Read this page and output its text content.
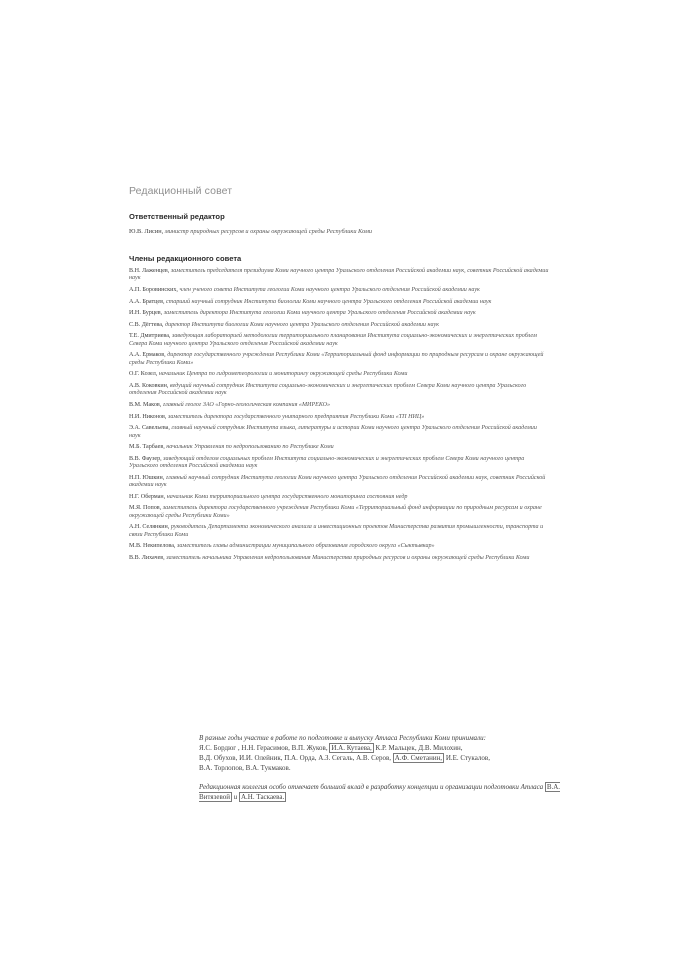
Редакционный совет
Ответственный редактор
Ю.В. Лисин, министр природных ресурсов и охраны окружающей среды Республики Коми
Члены редакционного совета

В.Н. Лаженцев, заместитель председателя президиума Коми научного центра Уральского отделения Российской академии наук, советник Российской академии наук

А.П. Боровинских, член ученого совета Института геологии Коми научного центра Уральского отделения Российской академии наук

А.А. Братцев, старший научный сотрудник Института биологии Коми научного центра Уральского отделения Российской академии наук

И.Н. Бурцев, заместитель директора Института геологии Коми научного центра Уральского отделения Российской академии наук

С.В. Дёгтева, директор Института биологии Коми научного центра Уральского отделения Российской академии наук

Т.Е. Дмитриева, заведующая лабораторией методологии территориального планирования Института социально-экономических и энергетических проблем Севера Коми научного центра Уральского отделения Российской академии наук

А.А. Ермаков, директор государственного учреждения Республики Коми «Территориальный фонд информации по природным ресурсам и охране окружающей среды Республики Коми»

О.Г. Козел, начальник Центра по гидрометеорологии и мониторингу окружающей среды Республики Коми

А.В. Коковкин, ведущий научный сотрудник Института социально-экономических и энергетических проблем Севера Коми научного центра Уральского отделения Российской академии наук

В.М. Маков, главный геолог ЗАО «Горно-геологическая компания «МИРЕКО»

Н.И. Никонов, заместитель директора государственного унитарного предприятия Республики Коми «ТП НИЦ»

Э.А. Савельева, главный научный сотрудник Института языка, литературы и истории Коми научного центра Уральского отделения Российской академии наук

М.Б. Тарбаев, начальник Управления по недропользованию по Республике Коми

В.В. Фаузер, заведующий отделом социальных проблем Института социально-экономических и энергетических проблем Севера Коми научного центра Уральского отделения Российской академии наук

Н.П. Юшкин, главный научный сотрудник Института геологии Коми научного центра Уральского отделения Российской академии наук, советник Российской академии наук

Н.Г. Оберман, начальник Коми территориального центра государственного мониторинга состояния недр

М.Я. Попов, заместитель директора государственного учреждения Республики Коми «Территориальный фонд информации по природным ресурсам и охране окружающей среды Республики Коми»

А.Н. Селянкин, руководитель Департамента экономического анализа и инвестиционных проектов Министерства развития промышленности, транспорта и связи Республики Коми

М.В. Некипелова, заместитель главы администрации муниципального образования городского округа «Сыктывкар»

В.В. Лихачев, заместитель начальника Управления недропользования Министерства природных ресурсов и охраны окружающей среды Республики Коми

В разные годы участие в работе по подготовке и выпуску Атласа Республики Коми принимали:

Я.С. Бордюг , Н.Н. Герасимов, В.П. Жуков, И.А. Кутаева, К.Р. Мальцек, Д.В. Милохин,

В.Д. Обухов, И.И. Олейник, П.А. Орда, А.З. Сегаль, А.В. Серов, А.Ф. Сметанин, И.Е. Стукалов,

В.А. Торлопов, В.А. Тукмаков.

Редакционная коллегия особо отмечает большой вклад в разработку концепции и организации подготовки Атласа В.А. Витязевой и А.Н. Таскаева.
